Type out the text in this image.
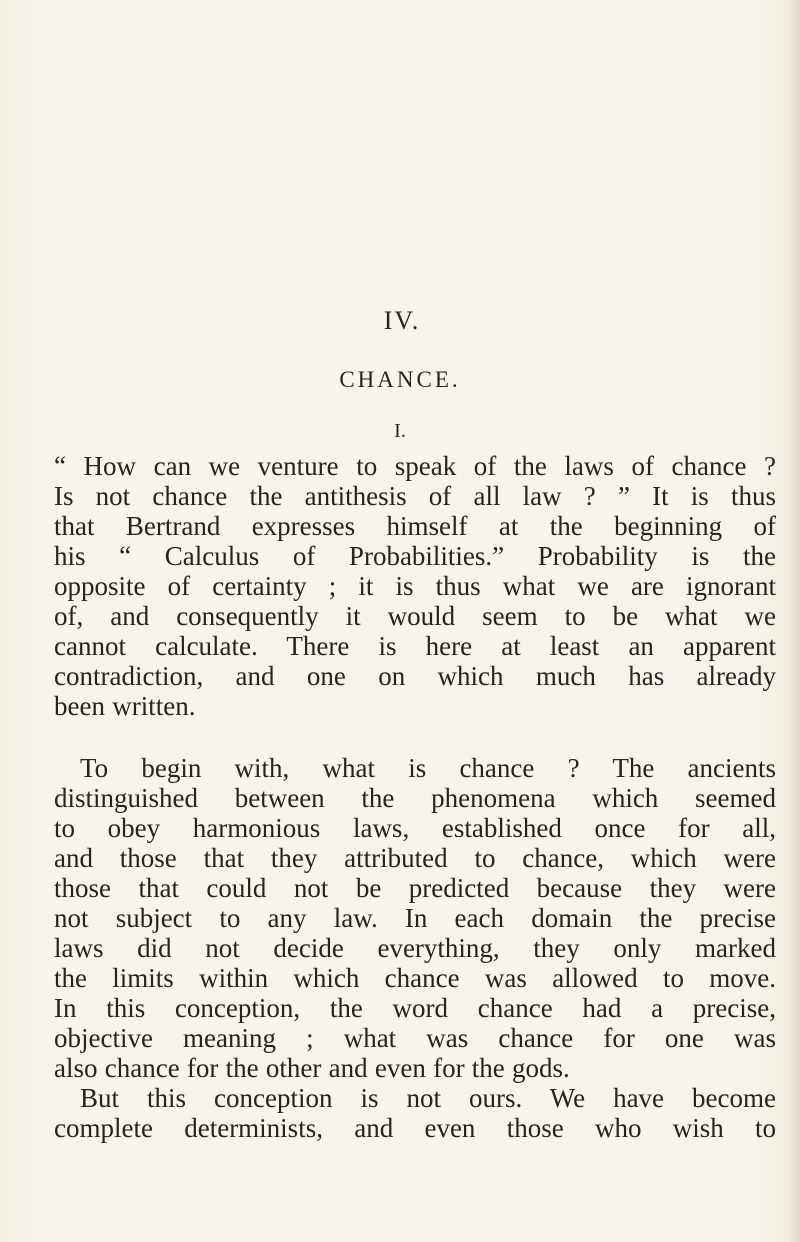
IV.
CHANCE.
I.
“ How can we venture to speak of the laws of chance ?
Is not chance the antithesis of all law ? ” It is thus
that Bertrand expresses himself at the beginning of
his “ Calculus of Probabilities.” Probability is the
opposite of certainty ; it is thus what we are ignorant
of, and consequently it would seem to be what we
cannot calculate. There is here at least an apparent
contradiction, and one on which much has already
been written.
To begin with, what is chance ? The ancients
distinguished between the phenomena which seemed
to obey harmonious laws, established once for all,
and those that they attributed to chance, which were
those that could not be predicted because they were
not subject to any law. In each domain the precise
laws did not decide everything, they only marked
the limits within which chance was allowed to move.
In this conception, the word chance had a precise,
objective meaning ; what was chance for one was
also chance for the other and even for the gods.
But this conception is not ours. We have become
complete determinists, and even those who wish to
